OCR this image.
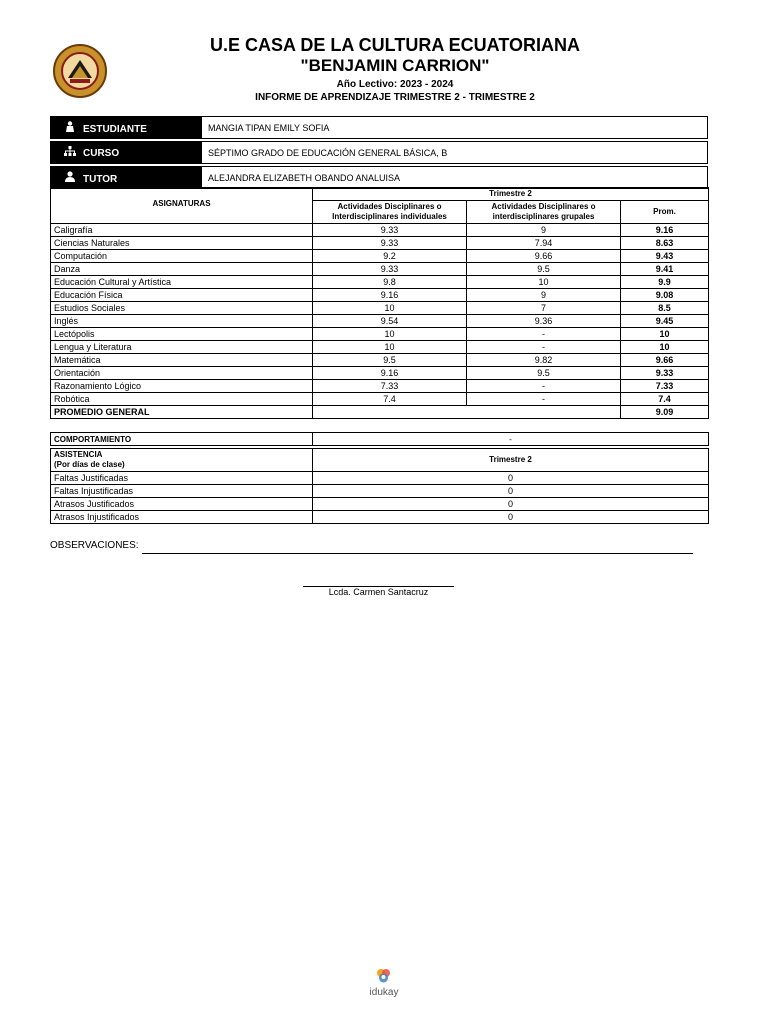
U.E CASA DE LA CULTURA ECUATORIANA
"BENJAMIN CARRION"
Año Lectivo: 2023 - 2024
INFORME DE APRENDIZAJE TRIMESTRE 2 - TRIMESTRE 2
ESTUDIANTE	MANGIA TIPAN EMILY SOFIA

CURSO	SÉPTIMO GRADO DE EDUCACIÓN GENERAL BÁSICA, B

TUTOR	ALEJANDRA ELIZABETH OBANDO ANALUISA
ASIGNATURAS	Trimestre 2		
	Actividades Disciplinares o Interdisciplinares individuales	Actividades Disciplinares o interdisciplinares grupales	Prom.
Caligrafía	9.33	9	9.16
Ciencias Naturales	9.33	7.94	8.63
Computación	9.2	9.66	9.43
Danza	9.33	9.5	9.41
Educación Cultural y Artística	9.8	10	9.9
Educación Física	9.16	9	9.08
Estudios Sociales	10	7	8.5
Inglés	9.54	9.36	9.45
Lectópolis	10	-	10
Lengua y Literatura	10	-	10
Matemática	9.5	9.82	9.66
Orientación	9.16	9.5	9.33
Razonamiento Lógico	7.33	-	7.33
Robótica	7.4	-	7.4
PROMEDIO GENERAL			9.09
COMPORTAMIENTO	-
ASISTENCIA
(Por días de clase)	Trimestre 2
Faltas Justificadas	0
Faltas Injustificadas	0
Atrasos Justificados	0
Atrasos Injustificados	0
OBSERVACIONES:
Lcda. Carmen Santacruz
idukay
